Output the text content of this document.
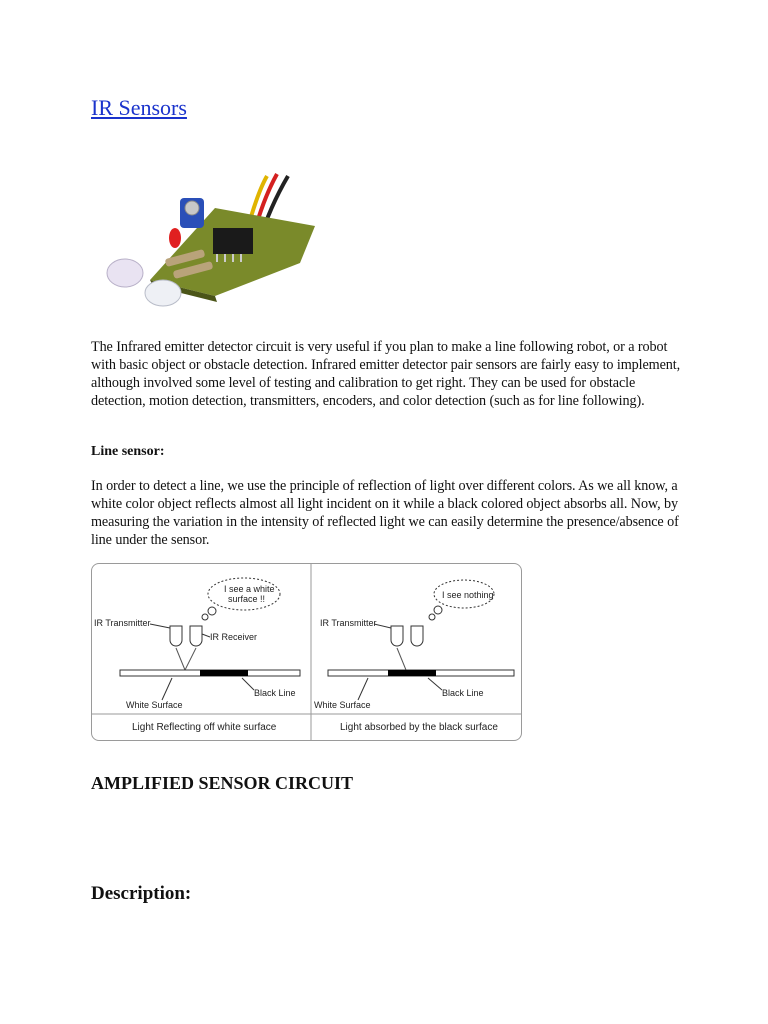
IR Sensors

The Infrared emitter detector circuit is very useful if you plan to make a line following robot, or a robot with basic object or obstacle detection. Infrared emitter detector pair sensors are fairly easy to implement, although involved some level of testing and calibration to get right. They can be used for obstacle detection, motion detection, transmitters, encoders, and color detection (such as for line following).

Line sensor:

In order to detect a line, we use the principle of reflection of light over different colors. As we all know, a white color object reflects almost all light incident on it while a black colored object absorbs all. Now, by measuring the variation in the intensity of reflected light we can easily determine the presence/absence of line under the sensor.

I see a white
surface !!
IR Transmitter
IR Receiver
White Surface
Black Line
Light Reflecting off white surface
I see nothing
IR Transmitter
White Surface
Black Line
Light absorbed by the black surface
AMPLIFIED SENSOR CIRCUIT
Description:
